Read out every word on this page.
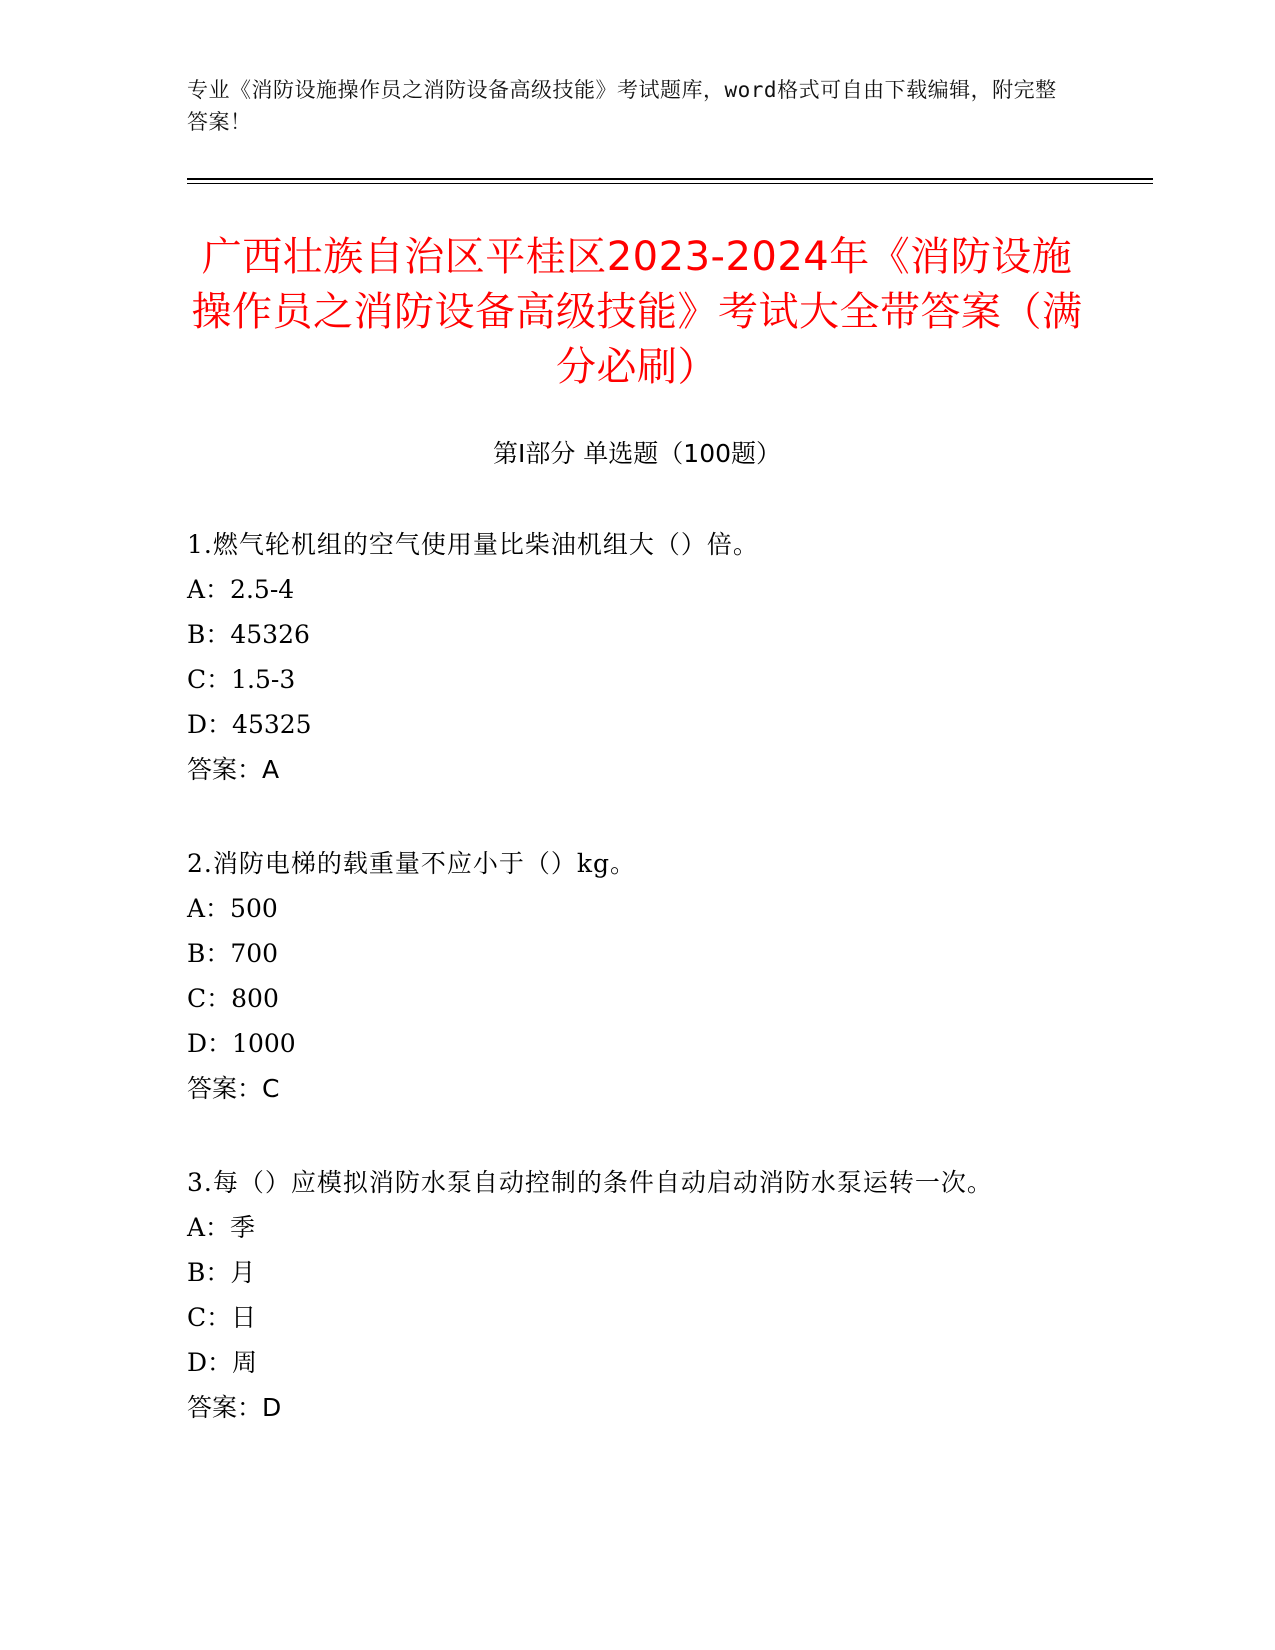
专业《消防设施操作员之消防设备高级技能》考试题库，word格式可自由下载编辑，附完整答案！
广西壮族自治区平桂区2023-2024年《消防设施操作员之消防设备高级技能》考试大全带答案（满分必刷）
第I部分 单选题（100题）
1.燃气轮机组的空气使用量比柴油机组大（）倍。
A：2.5-4
B：45326
C：1.5-3
D：45325
答案：A
2.消防电梯的载重量不应小于（）kg。
A：500
B：700
C：800
D：1000
答案：C
3.每（）应模拟消防水泵自动控制的条件自动启动消防水泵运转一次。
A：季
B：月
C：日
D：周
答案：D
